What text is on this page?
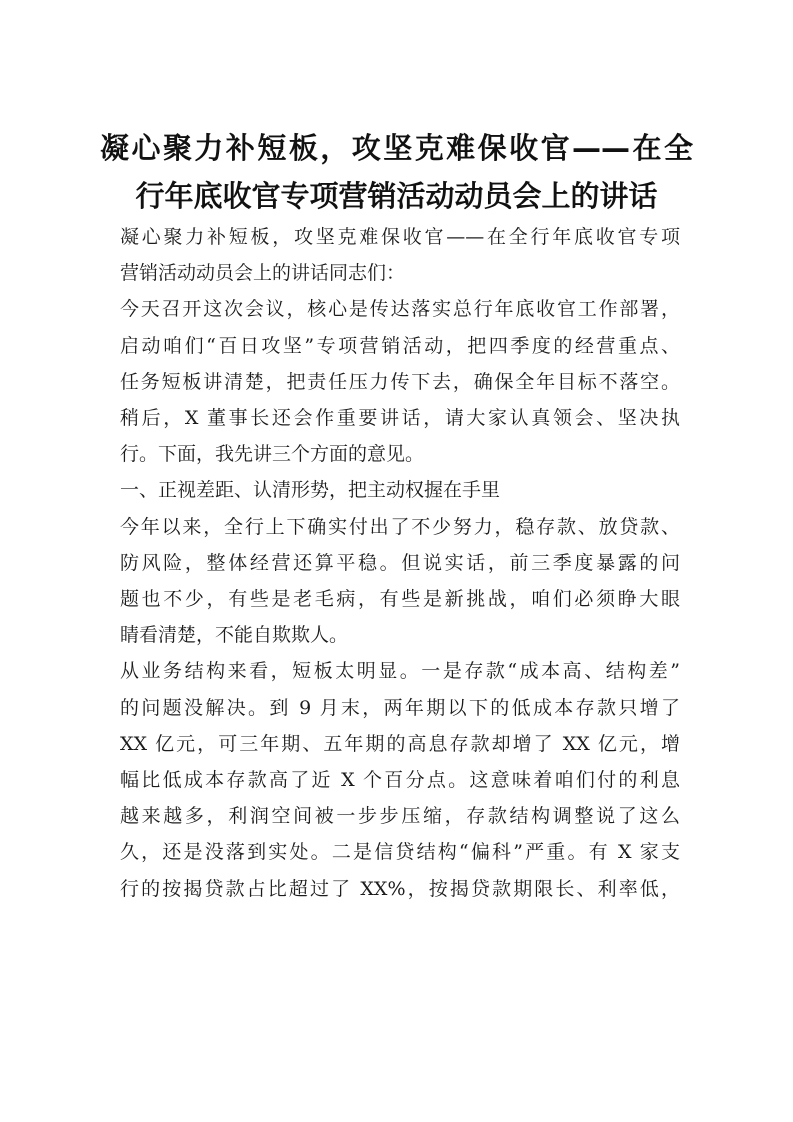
凝心聚力补短板，攻坚克难保收官——在全
行年底收官专项营销活动动员会上的讲话

凝心聚力补短板，攻坚克难保收官——在全行年底收官专项
营销活动动员会上的讲话同志们：

今天召开这次会议，核心是传达落实总行年底收官工作部署，
启动咱们“百日攻坚”专项营销活动，把四季度的经营重点、
任务短板讲清楚，把责任压力传下去，确保全年目标不落空。
稍后，X 董事长还会作重要讲话，请大家认真领会、坚决执
行。下面，我先讲三个方面的意见。

一、正视差距、认清形势，把主动权握在手里

今年以来，全行上下确实付出了不少努力，稳存款、放贷款、
防风险，整体经营还算平稳。但说实话，前三季度暴露的问
题也不少，有些是老毛病，有些是新挑战，咱们必须睁大眼
睛看清楚，不能自欺欺人。

从业务结构来看，短板太明显。一是存款“成本高、结构差”
的问题没解决。到 9 月末，两年期以下的低成本存款只增了
XX 亿元，可三年期、五年期的高息存款却增了 XX 亿元，增
幅比低成本存款高了近 X 个百分点。这意味着咱们付的利息
越来越多，利润空间被一步步压缩，存款结构调整说了这么
久，还是没落到实处。二是信贷结构“偏科”严重。有 X 家支
行的按揭贷款占比超过了 XX%，按揭贷款期限长、利率低，
